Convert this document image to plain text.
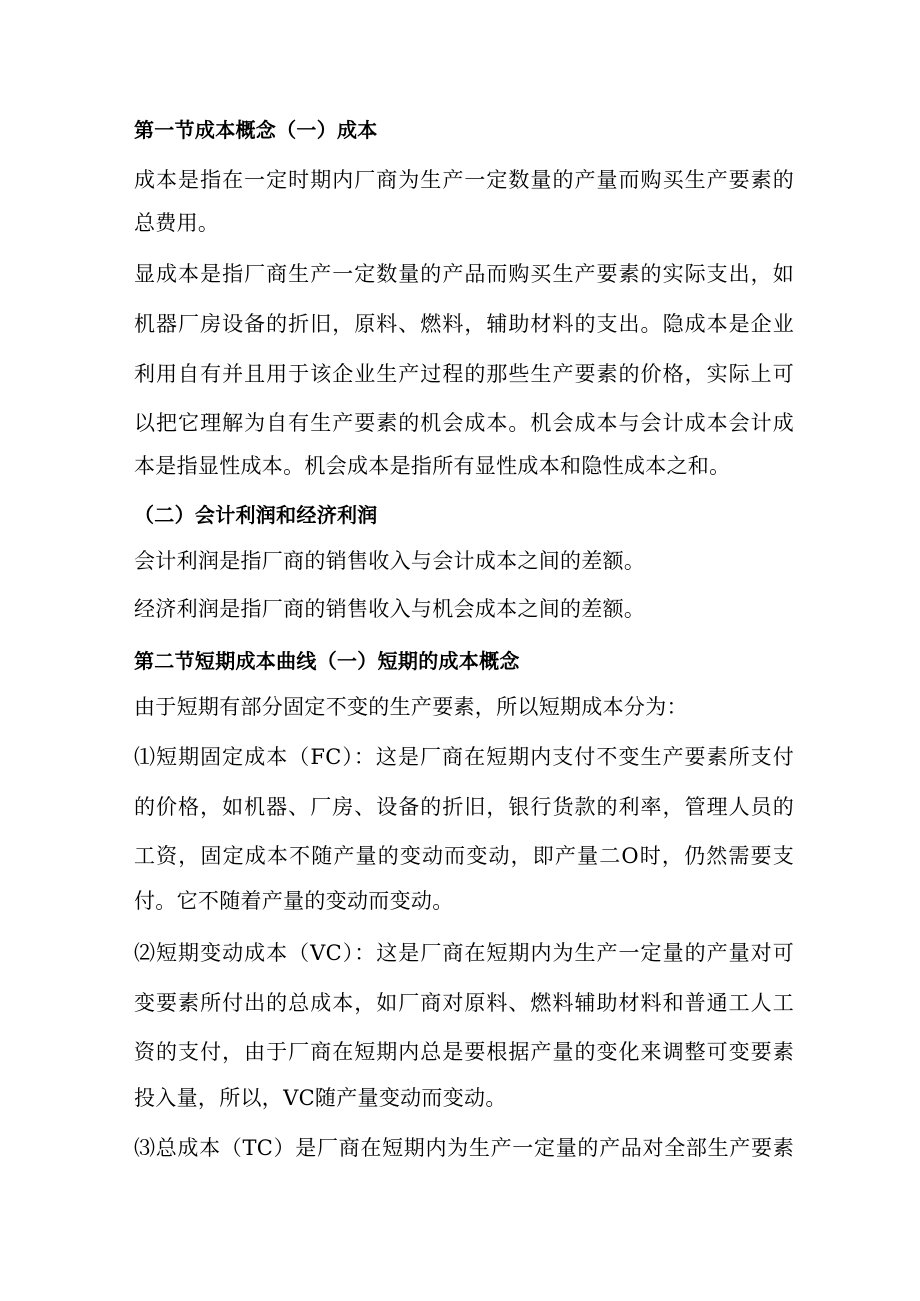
第一节成本概念（一）成本
成本是指在一定时期内厂商为生产一定数量的产量而购买生产要素的
总费用。
显成本是指厂商生产一定数量的产品而购买生产要素的实际支出，如
机器厂房设备的折旧，原料、燃料，辅助材料的支出。隐成本是企业
利用自有并且用于该企业生产过程的那些生产要素的价格，实际上可
以把它理解为自有生产要素的机会成本。机会成本与会计成本会计成
本是指显性成本。机会成本是指所有显性成本和隐性成本之和。
（二）会计利润和经济利润
会计利润是指厂商的销售收入与会计成本之间的差额。
经济利润是指厂商的销售收入与机会成本之间的差额。
第二节短期成本曲线（一）短期的成本概念
由于短期有部分固定不变的生产要素，所以短期成本分为：
⑴短期固定成本（FC）：这是厂商在短期内支付不变生产要素所支付
的价格，如机器、厂房、设备的折旧，银行货款的利率，管理人员的
工资，固定成本不随产量的变动而变动，即产量二O时，仍然需要支
付。它不随着产量的变动而变动。
⑵短期变动成本（VC）：这是厂商在短期内为生产一定量的产量对可
变要素所付出的总成本，如厂商对原料、燃料辅助材料和普通工人工
资的支付，由于厂商在短期内总是要根据产量的变化来调整可变要素
投入量，所以，VC随产量变动而变动。
⑶总成本（TC）是厂商在短期内为生产一定量的产品对全部生产要素
